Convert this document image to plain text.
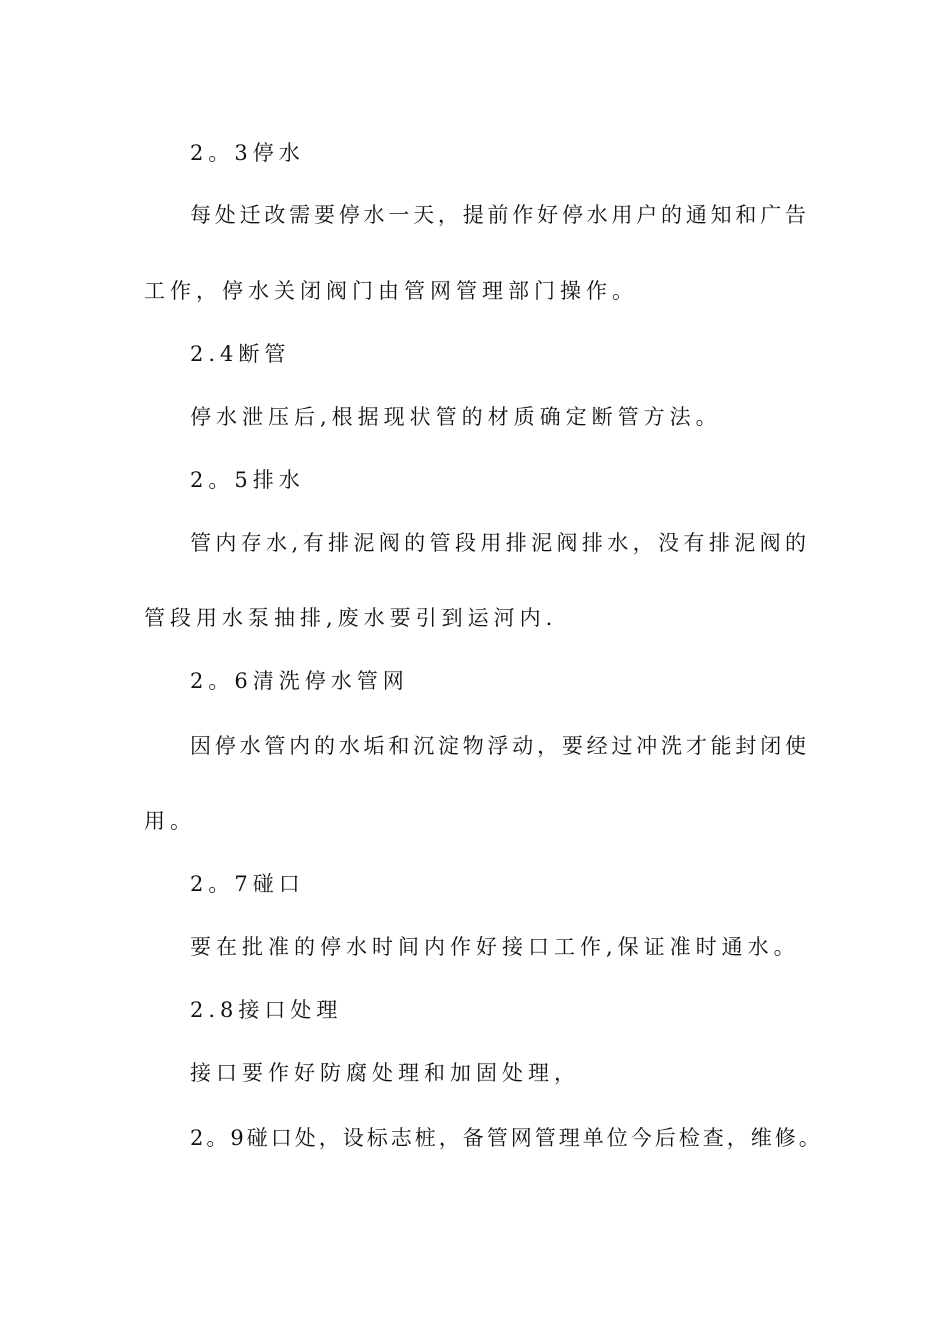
2。3停水
每处迁改需要停水一天，提前作好停水用户的通知和广告
工作，停水关闭阀门由管网管理部门操作。
2.4断管
停水泄压后,根据现状管的材质确定断管方法。
2。5排水
管内存水,有排泥阀的管段用排泥阀排水，没有排泥阀的
管段用水泵抽排,废水要引到运河内.
2。6清洗停水管网
因停水管内的水垢和沉淀物浮动，要经过冲洗才能封闭使
用。
2。7碰口
要在批准的停水时间内作好接口工作,保证准时通水。
2.8接口处理
接口要作好防腐处理和加固处理，
2。9碰口处，设标志桩，备管网管理单位今后检查，维修。
